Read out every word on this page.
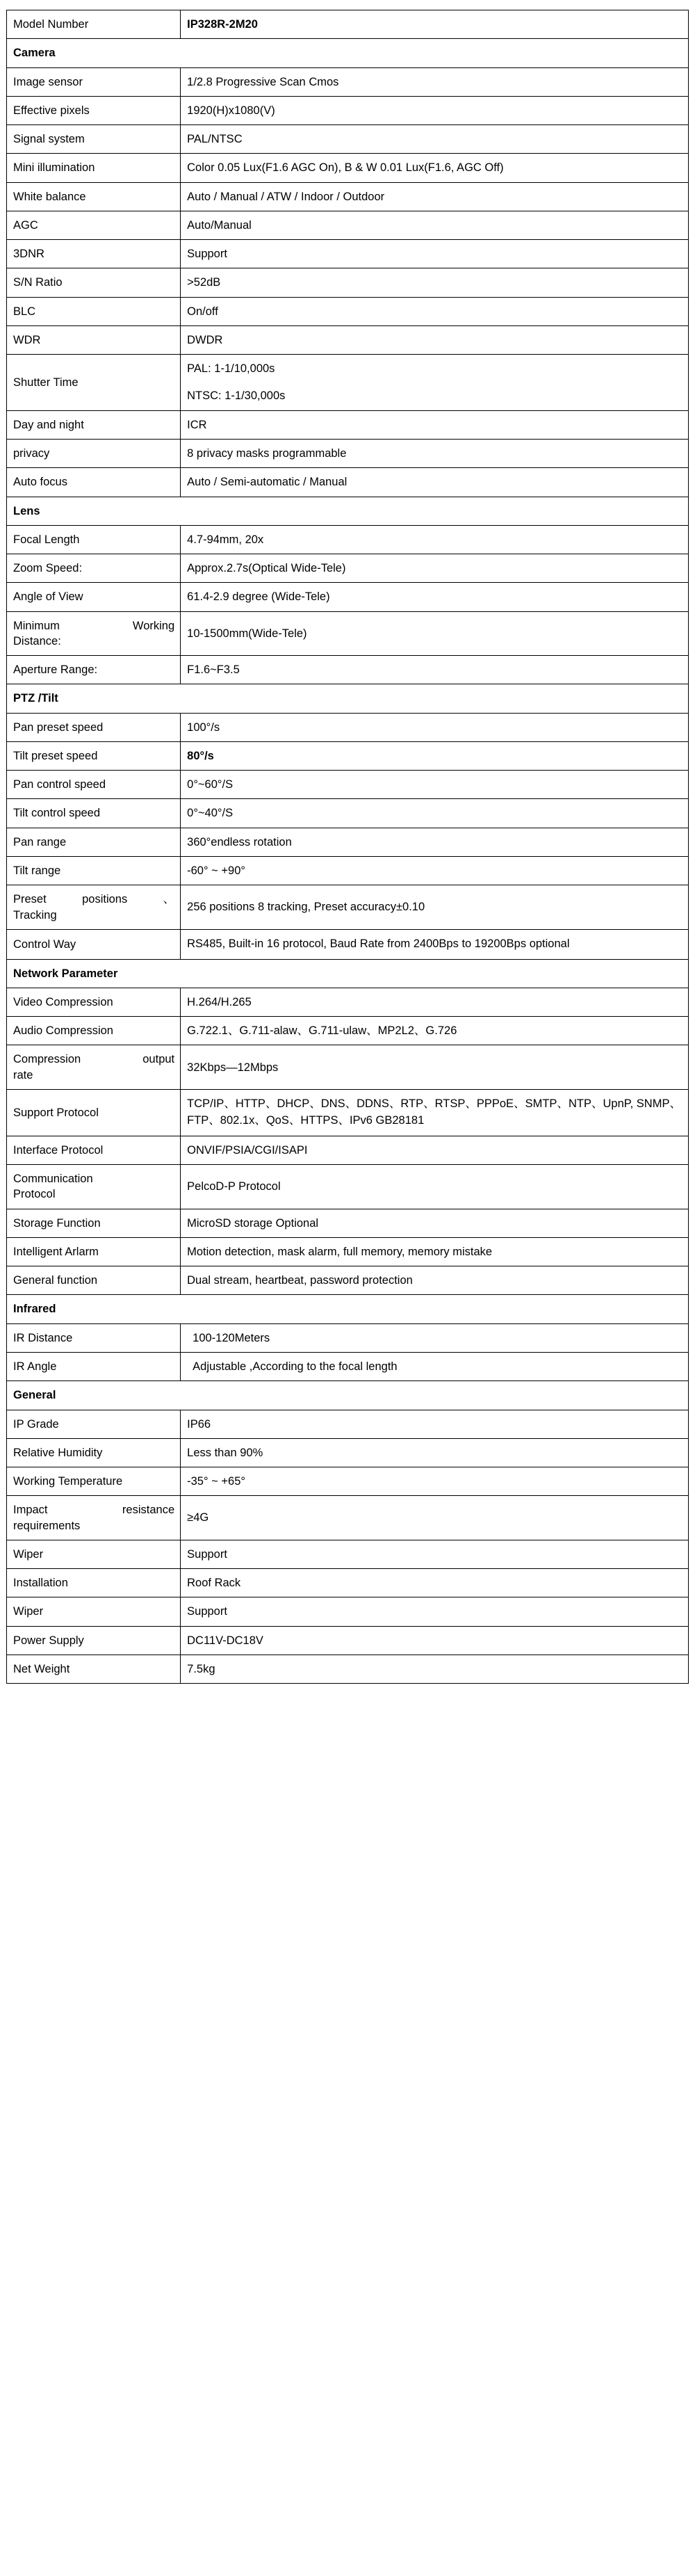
Model Number	IP328R-2M20
Camera	
Image sensor	1/2.8 Progressive Scan Cmos
Effective pixels	1920(H)x1080(V)
Signal system	PAL/NTSC
Mini illumination	Color 0.05 Lux(F1.6 AGC On), B & W 0.01 Lux(F1.6, AGC Off)
White balance	Auto / Manual / ATW / Indoor / Outdoor
AGC	Auto/Manual
3DNR	Support
S/N Ratio	>52dB
BLC	On/off
WDR	DWDR
Shutter Time	PAL: 1-1/10,000s
NTSC: 1-1/30,000s

Day and night	ICR
privacy	8 privacy masks programmable
Auto focus	Auto / Semi-automatic / Manual
Lens	
Focal Length	4.7-94mm, 20x
Zoom Speed:	Approx.2.7s(Optical Wide-Tele)
Angle of View	61.4-2.9 degree (Wide-Tele)

Minimum Working
Distance:	10-1500mm(Wide-Tele)
Aperture Range:	F1.6~F3.5
PTZ /Tilt	
Pan preset speed	100°/s
Tilt preset speed	80°/s
Pan control speed	0°~60°/S
Tilt control speed	0°~40°/S
Pan range	360°endless rotation
Tilt range	-60° ~ +90°

Preset positions 、
Tracking	256 positions 8 tracking, Preset accuracy±0.10
Control Way	RS485, Built-in 16 protocol, Baud Rate from 2400Bps to 19200Bps optional
Network Parameter	
Video Compression	H.264/H.265
Audio Compression	G.722.1、G.711-alaw、G.711-ulaw、MP2L2、G.726

Compression output
rate	32Kbps—12Mbps
Support Protocol	TCP/IP、HTTP、DHCP、DNS、DDNS、RTP、RTSP、PPPoE、SMTP、NTP、UpnP, SNMP、FTP、802.1x、QoS、HTTPS、IPv6 GB28181
Interface Protocol	ONVIF/PSIA/CGI/ISAPI

Communication
Protocol	PelcoD-P Protocol
Storage Function	MicroSD storage Optional
Intelligent Arlarm	Motion detection, mask alarm, full memory, memory mistake
General function	Dual stream, heartbeat, password protection
Infrared	
IR Distance	100-120Meters
IR Angle	Adjustable ,According to the focal length
General	
IP Grade	IP66
Relative Humidity	Less than 90%
Working Temperature	-35° ~ +65°

Impact resistance
requirements	≥4G
Wiper	Support
Installation	Roof Rack
Wiper	Support
Power Supply	DC11V-DC18V
Net Weight	7.5kg
